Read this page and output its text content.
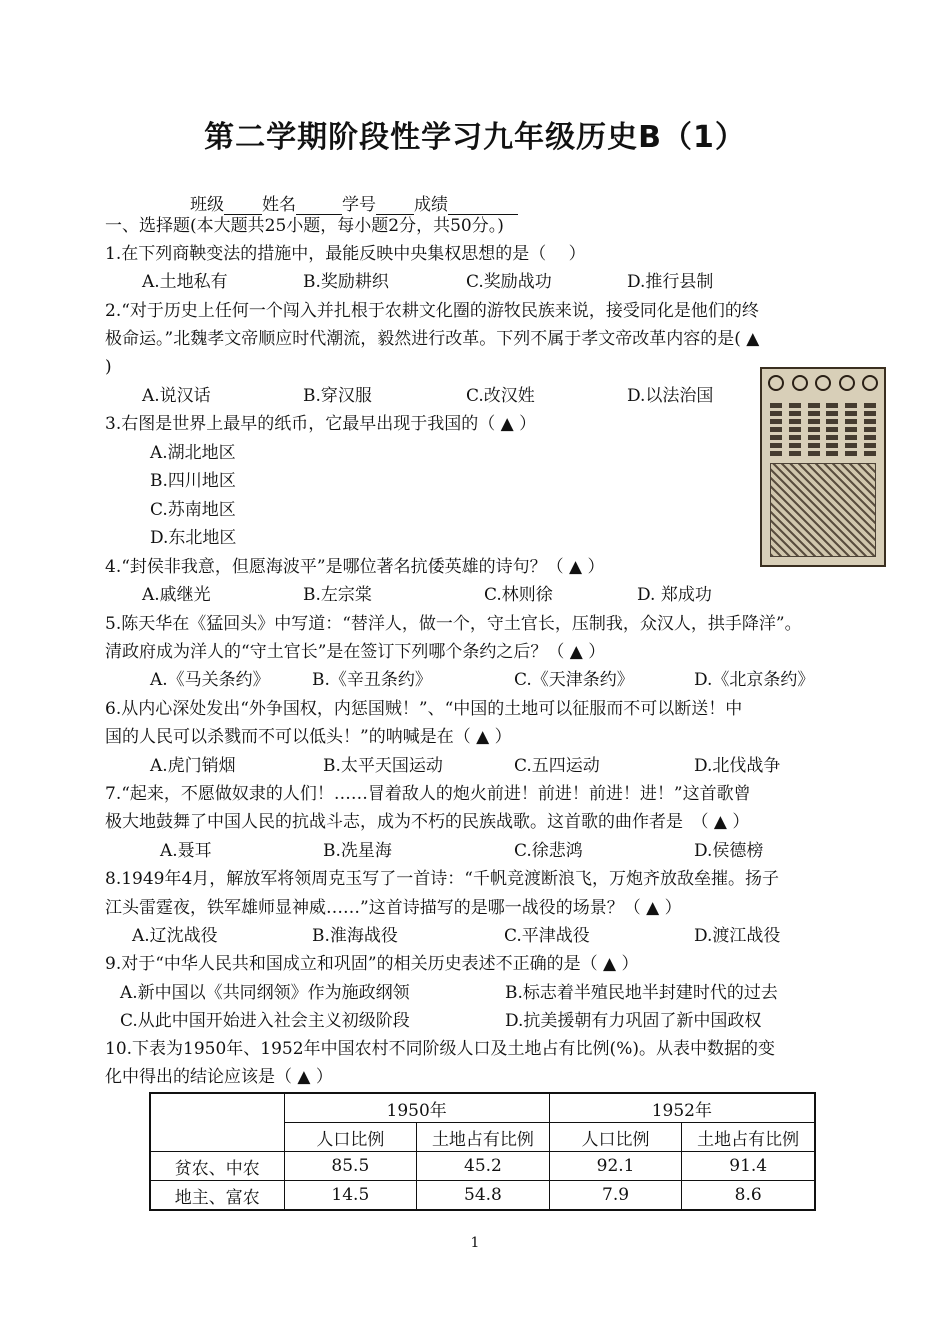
第二学期阶段性学习九年级历史B（1）
班级 姓名	学号 成绩
一、选择题(本大题共25小题，每小题2分，共50分。)
1.在下列商鞅变法的措施中，最能反映中央集权思想的是（　 ）
A.土地私有	B.奖励耕织	C.奖励战功	D.推行县制
2.“对于历史上任何一个闯入并扎根于农耕文化圈的游牧民族来说，接受同化是他们的终
极命运。”北魏孝文帝顺应时代潮流，毅然进行改革。下列不属于孝文帝改革内容的是( ▲
)
A.说汉话	B.穿汉服	C.改汉姓	D.以法治国
3.右图是世界上最早的纸币，它最早出现于我国的（ ▲ ）
A.湖北地区
B.四川地区
C.苏南地区
D.东北地区
4.“封侯非我意，但愿海波平”是哪位著名抗倭英雄的诗句？（ ▲ ）
A.戚继光	B.左宗棠	C.林则徐	D. 郑成功
5.陈天华在《猛回头》中写道：“替洋人，做一个，守土官长，压制我，众汉人，拱手降洋”。
清政府成为洋人的“守土官长”是在签订下列哪个条约之后？（ ▲ ）
A.《马关条约》 B.《辛丑条约》	C.《天津条约》	D.《北京条约》
6.从内心深处发出“外争国权，内惩国贼！”、“中国的土地可以征服而不可以断送！中
国的人民可以杀戮而不可以低头！”的呐喊是在（ ▲ ）
A.虎门销烟	B.太平天国运动	C.五四运动	D.北伐战争
7.“起来，不愿做奴隶的人们！……冒着敌人的炮火前进！前进！前进！进！”这首歌曾
极大地鼓舞了中国人民的抗战斗志，成为不朽的民族战歌。这首歌的曲作者是　（ ▲ ）
A.聂耳	B.冼星海	C.徐悲鸿	D.侯德榜
8.1949年4月，解放军将领周克玉写了一首诗：“千帆竞渡断浪飞，万炮齐放敌垒摧。扬子
江头雷霆夜，铁军雄师显神威……”这首诗描写的是哪一战役的场景？（ ▲ ）
A.辽沈战役	B.淮海战役	C.平津战役	D.渡江战役
9.对于“中华人民共和国成立和巩固”的相关历史表述不正确的是（ ▲ ）
A.新中国以《共同纲领》作为施政纲领	B.标志着半殖民地半封建时代的过去
C.从此中国开始进入社会主义初级阶段	D.抗美援朝有力巩固了新中国政权
10.下表为1950年、1952年中国农村不同阶级人口及土地占有比例(%)。从表中数据的变
化中得出的结论应该是（ ▲ ）
	1950年		1952年	
	人口比例	土地占有比例	人口比例	土地占有比例
贫农、中农	85.5	45.2	92.1	91.4
地主、富农	14.5	54.8	7.9	8.6
1
